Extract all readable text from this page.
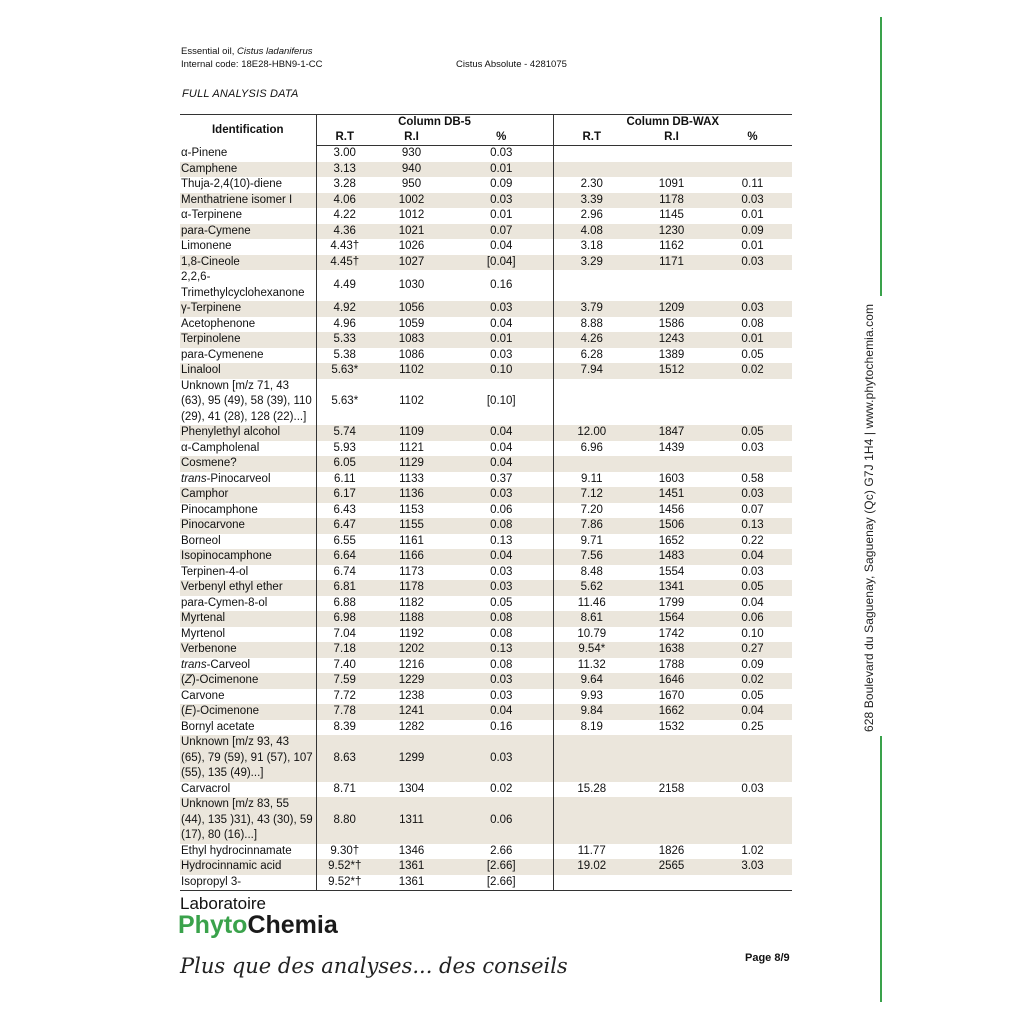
Essential oil, Cistus ladaniferus
Internal code: 18E28-HBN9-1-CC	Cistus Absolute - 4281075
FULL ANALYSIS DATA
Identification	Column DB-5			Column DB-WAX		
	R.T	R.I	%	R.T	R.I	%
α-Pinene	3.00	930	0.03			
Camphene	3.13	940	0.01			
Thuja-2,4(10)-diene	3.28	950	0.09	2.30	1091	0.11
Menthatriene isomer I	4.06	1002	0.03	3.39	1178	0.03
α-Terpinene	4.22	1012	0.01	2.96	1145	0.01
para-Cymene	4.36	1021	0.07	4.08	1230	0.09
Limonene	4.43†	1026	0.04	3.18	1162	0.01
1,8-Cineole	4.45†	1027	[0.04]	3.29	1171	0.03
2,2,6-Trimethylcyclohexanone	4.49	1030	0.16			
γ-Terpinene	4.92	1056	0.03	3.79	1209	0.03
Acetophenone	4.96	1059	0.04	8.88	1586	0.08
Terpinolene	5.33	1083	0.01	4.26	1243	0.01
para-Cymenene	5.38	1086	0.03	6.28	1389	0.05
Linalool	5.63*	1102	0.10	7.94	1512	0.02
Unknown [m/z 71, 43 (63), 95 (49), 58 (39), 110 (29), 41 (28), 128 (22)...]	5.63*	1102	[0.10]			
Phenylethyl alcohol	5.74	1109	0.04	12.00	1847	0.05
α-Campholenal	5.93	1121	0.04	6.96	1439	0.03
Cosmene?	6.05	1129	0.04			
trans-Pinocarveol	6.11	1133	0.37	9.11	1603	0.58
Camphor	6.17	1136	0.03	7.12	1451	0.03
Pinocamphone	6.43	1153	0.06	7.20	1456	0.07
Pinocarvone	6.47	1155	0.08	7.86	1506	0.13
Borneol	6.55	1161	0.13	9.71	1652	0.22
Isopinocamphone	6.64	1166	0.04	7.56	1483	0.04
Terpinen-4-ol	6.74	1173	0.03	8.48	1554	0.03
Verbenyl ethyl ether	6.81	1178	0.03	5.62	1341	0.05
para-Cymen-8-ol	6.88	1182	0.05	11.46	1799	0.04
Myrtenal	6.98	1188	0.08	8.61	1564	0.06
Myrtenol	7.04	1192	0.08	10.79	1742	0.10
Verbenone	7.18	1202	0.13	9.54*	1638	0.27
trans-Carveol	7.40	1216	0.08	11.32	1788	0.09
(Z)-Ocimenone	7.59	1229	0.03	9.64	1646	0.02
Carvone	7.72	1238	0.03	9.93	1670	0.05
(E)-Ocimenone	7.78	1241	0.04	9.84	1662	0.04
Bornyl acetate	8.39	1282	0.16	8.19	1532	0.25
Unknown [m/z 93, 43 (65), 79 (59), 91 (57), 107 (55), 135 (49)...]	8.63	1299	0.03			
Carvacrol	8.71	1304	0.02	15.28	2158	0.03
Unknown [m/z 83, 55 (44), 135 )31), 43 (30), 59 (17), 80 (16)...]	8.80	1311	0.06			
Ethyl hydrocinnamate	9.30†	1346	2.66	11.77	1826	1.02
Hydrocinnamic acid	9.52*†	1361	[2.66]	19.02	2565	3.03
Isopropyl 3-	9.52*†	1361	[2.66]			
Laboratoire
PhytoChemia
Plus que des analyses... des conseils	Page 8/9
628 Boulevard du Saguenay, Saguenay (Qc) G7J 1H4 | www.phytochemia.com
